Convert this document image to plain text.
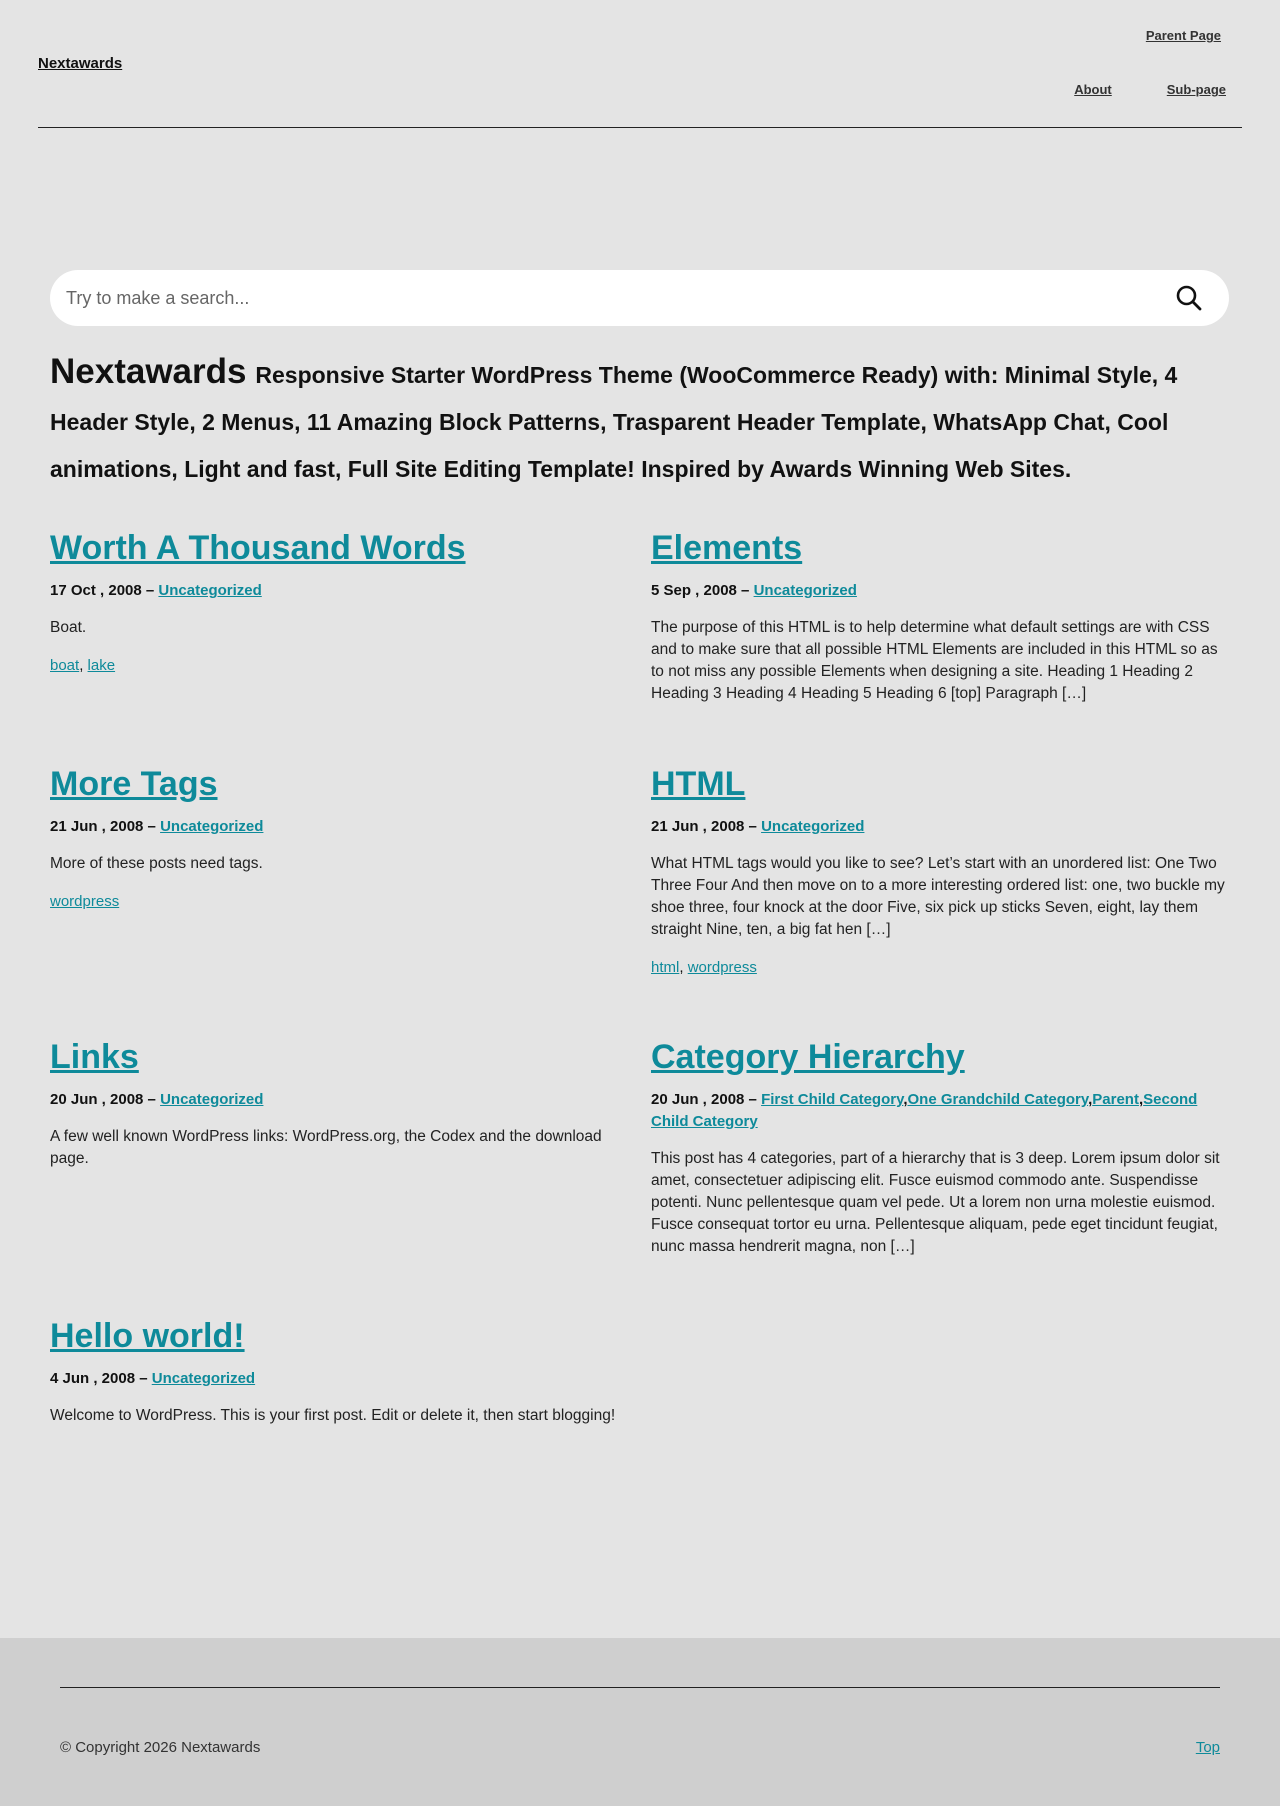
Nextawards
Parent Page
About	Sub-page
Try to make a search...
Nextawards Responsive Starter WordPress Theme (WooCommerce Ready) with: Minimal Style, 4 Header Style, 2 Menus, 11 Amazing Block Patterns, Trasparent Header Template, WhatsApp Chat, Cool animations, Light and fast, Full Site Editing Template! Inspired by Awards Winning Web Sites.
Worth A Thousand Words
17 Oct , 2008 – Uncategorized

Boat.

boat, lake
Elements
5 Sep , 2008 – Uncategorized

The purpose of this HTML is to help determine what default settings are with CSS and to make sure that all possible HTML Elements are included in this HTML so as to not miss any possible Elements when designing a site. Heading 1 Heading 2 Heading 3 Heading 4 Heading 5 Heading 6 [top] Paragraph […]

More Tags
21 Jun , 2008 – Uncategorized

More of these posts need tags.

wordpress
HTML
21 Jun , 2008 – Uncategorized

What HTML tags would you like to see? Let’s start with an unordered list: One Two Three Four And then move on to a more interesting ordered list: one, two buckle my shoe three, four knock at the door Five, six pick up sticks Seven, eight, lay them straight Nine, ten, a big fat hen […]

html, wordpress
Links
20 Jun , 2008 – Uncategorized

A few well known WordPress links: WordPress.org, the Codex and the download page.

Category Hierarchy
20 Jun , 2008 – First Child Category,One Grandchild Category,Parent,Second Child Category

This post has 4 categories, part of a hierarchy that is 3 deep. Lorem ipsum dolor sit amet, consectetuer adipiscing elit. Fusce euismod commodo ante. Suspendisse potenti. Nunc pellentesque quam vel pede. Ut a lorem non urna molestie euismod. Fusce consequat tortor eu urna. Pellentesque aliquam, pede eget tincidunt feugiat, nunc massa hendrerit magna, non […]

Hello world!
4 Jun , 2008 – Uncategorized

Welcome to WordPress. This is your first post. Edit or delete it, then start blogging!

© Copyright 2026 Nextawards	Top
